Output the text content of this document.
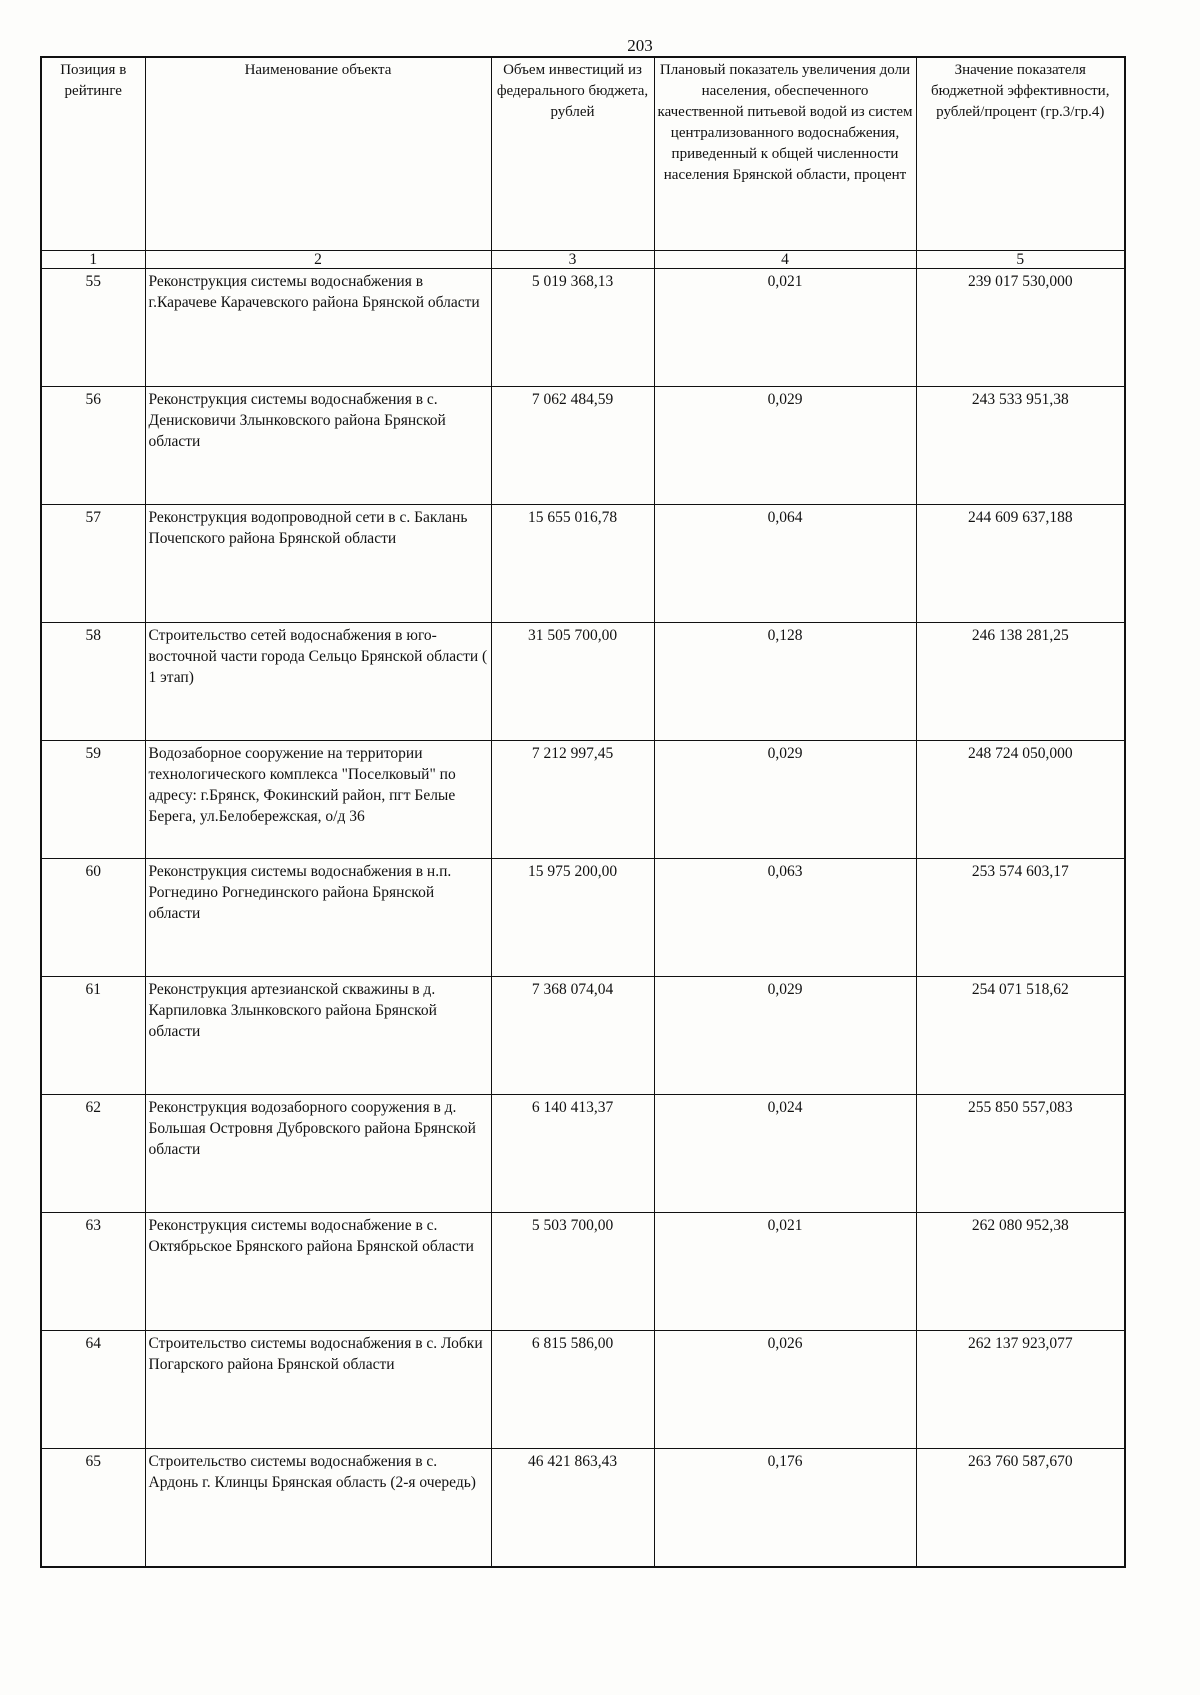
203
Позиция в рейтинге	Наименование объекта	Объем инвестиций из федерального бюджета, рублей	Плановый показатель увеличения доли населения, обеспеченного качественной питьевой водой из систем централизованного водоснабжения, приведенный к общей численности населения Брянской области, процент	Значение показателя бюджетной эффективности, рублей/процент (гр.3/гр.4)
1	2	3	4	5
55	Реконструкция системы водоснабжения в г.Карачеве Карачевского района Брянской области	5 019 368,13	0,021	239 017 530,000
56	Реконструкция системы водоснабжения в с. Денисковичи Злынковского района Брянской области	7 062 484,59	0,029	243 533 951,38
57	Реконструкция водопроводной сети в с. Баклань Почепского района Брянской области	15 655 016,78	0,064	244 609 637,188
58	Строительство сетей водоснабжения в юго-восточной части города Сельцо Брянской области ( 1 этап)	31 505 700,00	0,128	246 138 281,25
59	Водозаборное сооружение на территории технологического комплекса "Поселковый" по адресу: г.Брянск, Фокинский район, пгт Белые Берега, ул.Белобережская, о/д 36	7 212 997,45	0,029	248 724 050,000
60	Реконструкция системы водоснабжения в н.п. Рогнедино Рогнединского района Брянской области	15 975 200,00	0,063	253 574 603,17
61	Реконструкция артезианской скважины в д. Карпиловка Злынковского района Брянской области	7 368 074,04	0,029	254 071 518,62
62	Реконструкция водозаборного сооружения в д. Большая Островня Дубровского района Брянской области	6 140 413,37	0,024	255 850 557,083
63	Реконструкция системы водоснабжение в с. Октябрьское Брянского района Брянской области	5 503 700,00	0,021	262 080 952,38
64	Строительство системы водоснабжения в с. Лобки Погарского района Брянской области	6 815 586,00	0,026	262 137 923,077
65	Строительство системы водоснабжения в с. Ардонь г. Клинцы Брянская область (2-я очередь)	46 421 863,43	0,176	263 760 587,670
